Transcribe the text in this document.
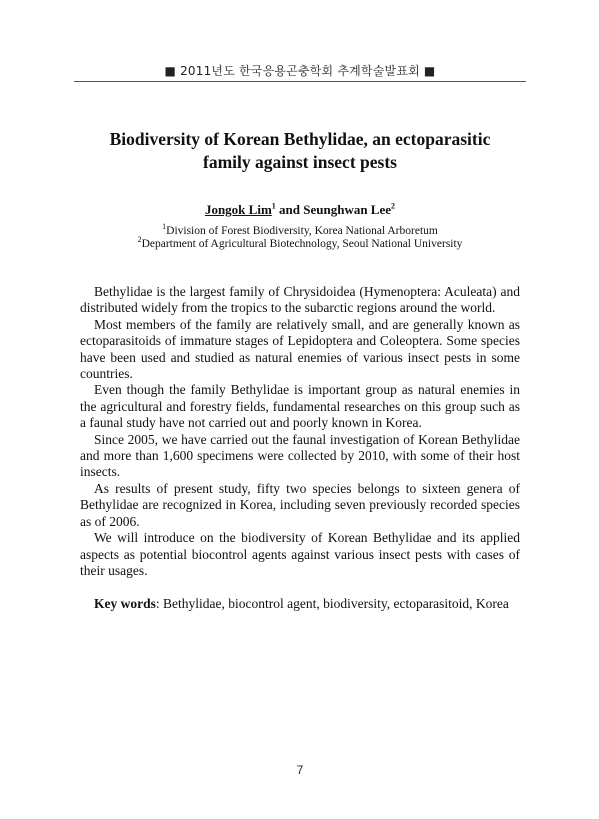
■ 2011년도 한국응용곤충학회 추계학술발표회 ■
Biodiversity of Korean Bethylidae, an ectoparasitic
family against insect pests
Jongok Lim$^1$ and Seunghwan Lee$^2$
$^1$Division of Forest Biodiversity, Korea National Arboretum
$^2$Department of Agricultural Biotechnology, Seoul National University

Bethylidae is the largest family of Chrysidoidea (Hymenoptera: Aculeata) and distributed widely from the tropics to the subarctic regions around the world.

Most members of the family are relatively small, and are generally known as ectoparasitoids of immature stages of Lepidoptera and Coleoptera. Some species have been used and studied as natural enemies of various insect pests in some countries.

Even though the family Bethylidae is important group as natural enemies in the agricultural and forestry fields, fundamental researches on this group such as a faunal study have not carried out and poorly known in Korea.

Since 2005, we have carried out the faunal investigation of Korean Bethylidae and more than 1,600 specimens were collected by 2010, with some of their host insects.

As results of present study, fifty two species belongs to sixteen genera of Bethylidae are recognized in Korea, including seven previously recorded species as of 2006.

We will introduce on the biodiversity of Korean Bethylidae and its applied aspects as potential biocontrol agents against various insect pests with cases of their usages.

Key words: Bethylidae, biocontrol agent, biodiversity, ectoparasitoid, Korea
7
